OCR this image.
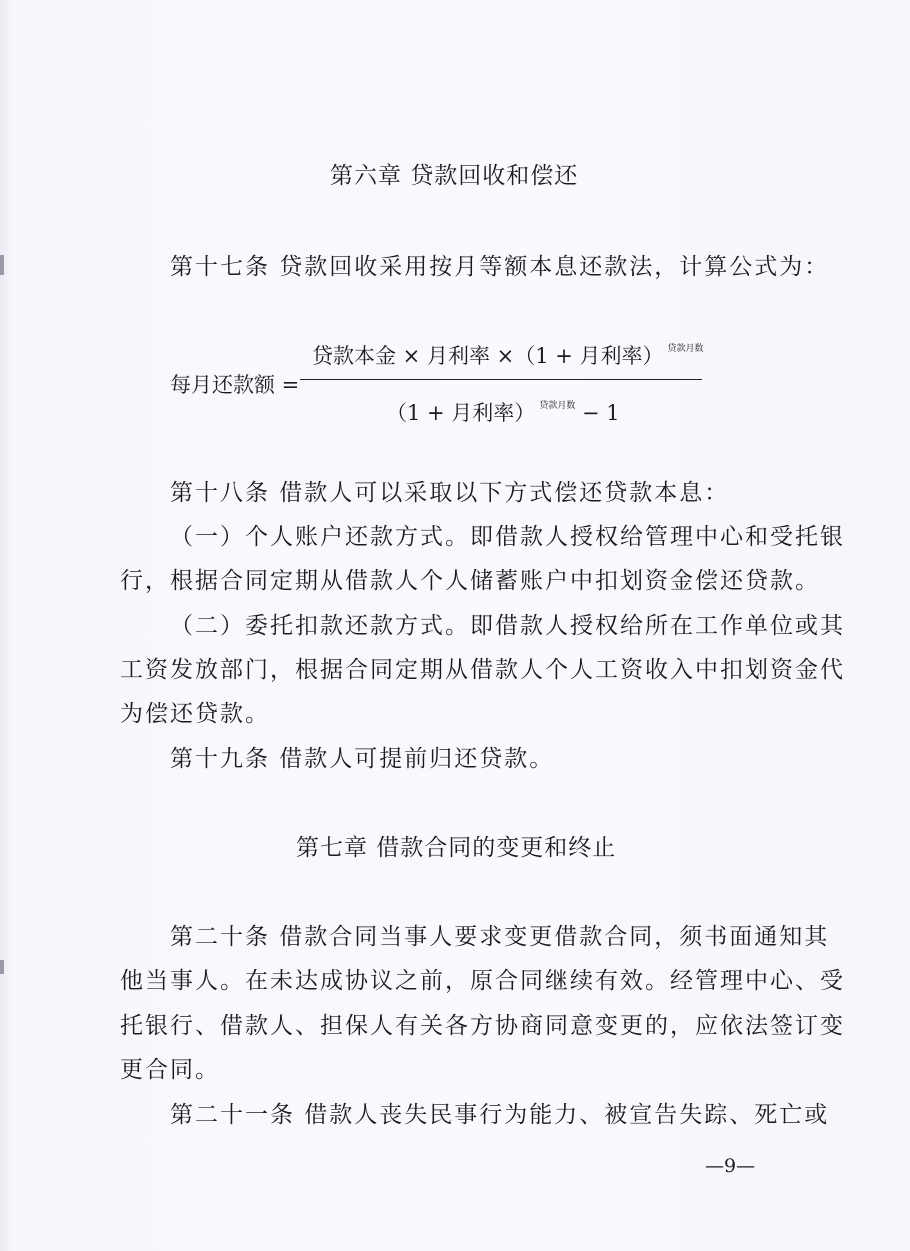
第六章 贷款回收和偿还
第十七条 贷款回收采用按月等额本息还款法，计算公式为：
贷款本金 × 月利率 ×（1 + 月利率） $^{贷款月数}$
每月还款额 =
（1 + 月利率） $^{贷款月数}$ − 1
第十八条 借款人可以采取以下方式偿还贷款本息：
（一）个人账户还款方式。即借款人授权给管理中心和受托银
行，根据合同定期从借款人个人储蓄账户中扣划资金偿还贷款。
（二）委托扣款还款方式。即借款人授权给所在工作单位或其
工资发放部门，根据合同定期从借款人个人工资收入中扣划资金代
为偿还贷款。
第十九条 借款人可提前归还贷款。
第七章 借款合同的变更和终止
第二十条 借款合同当事人要求变更借款合同，须书面通知其
他当事人。在未达成协议之前，原合同继续有效。经管理中心、受
托银行、借款人、担保人有关各方协商同意变更的，应依法签订变
更合同。
第二十一条 借款人丧失民事行为能力、被宣告失踪、死亡或
—9—
